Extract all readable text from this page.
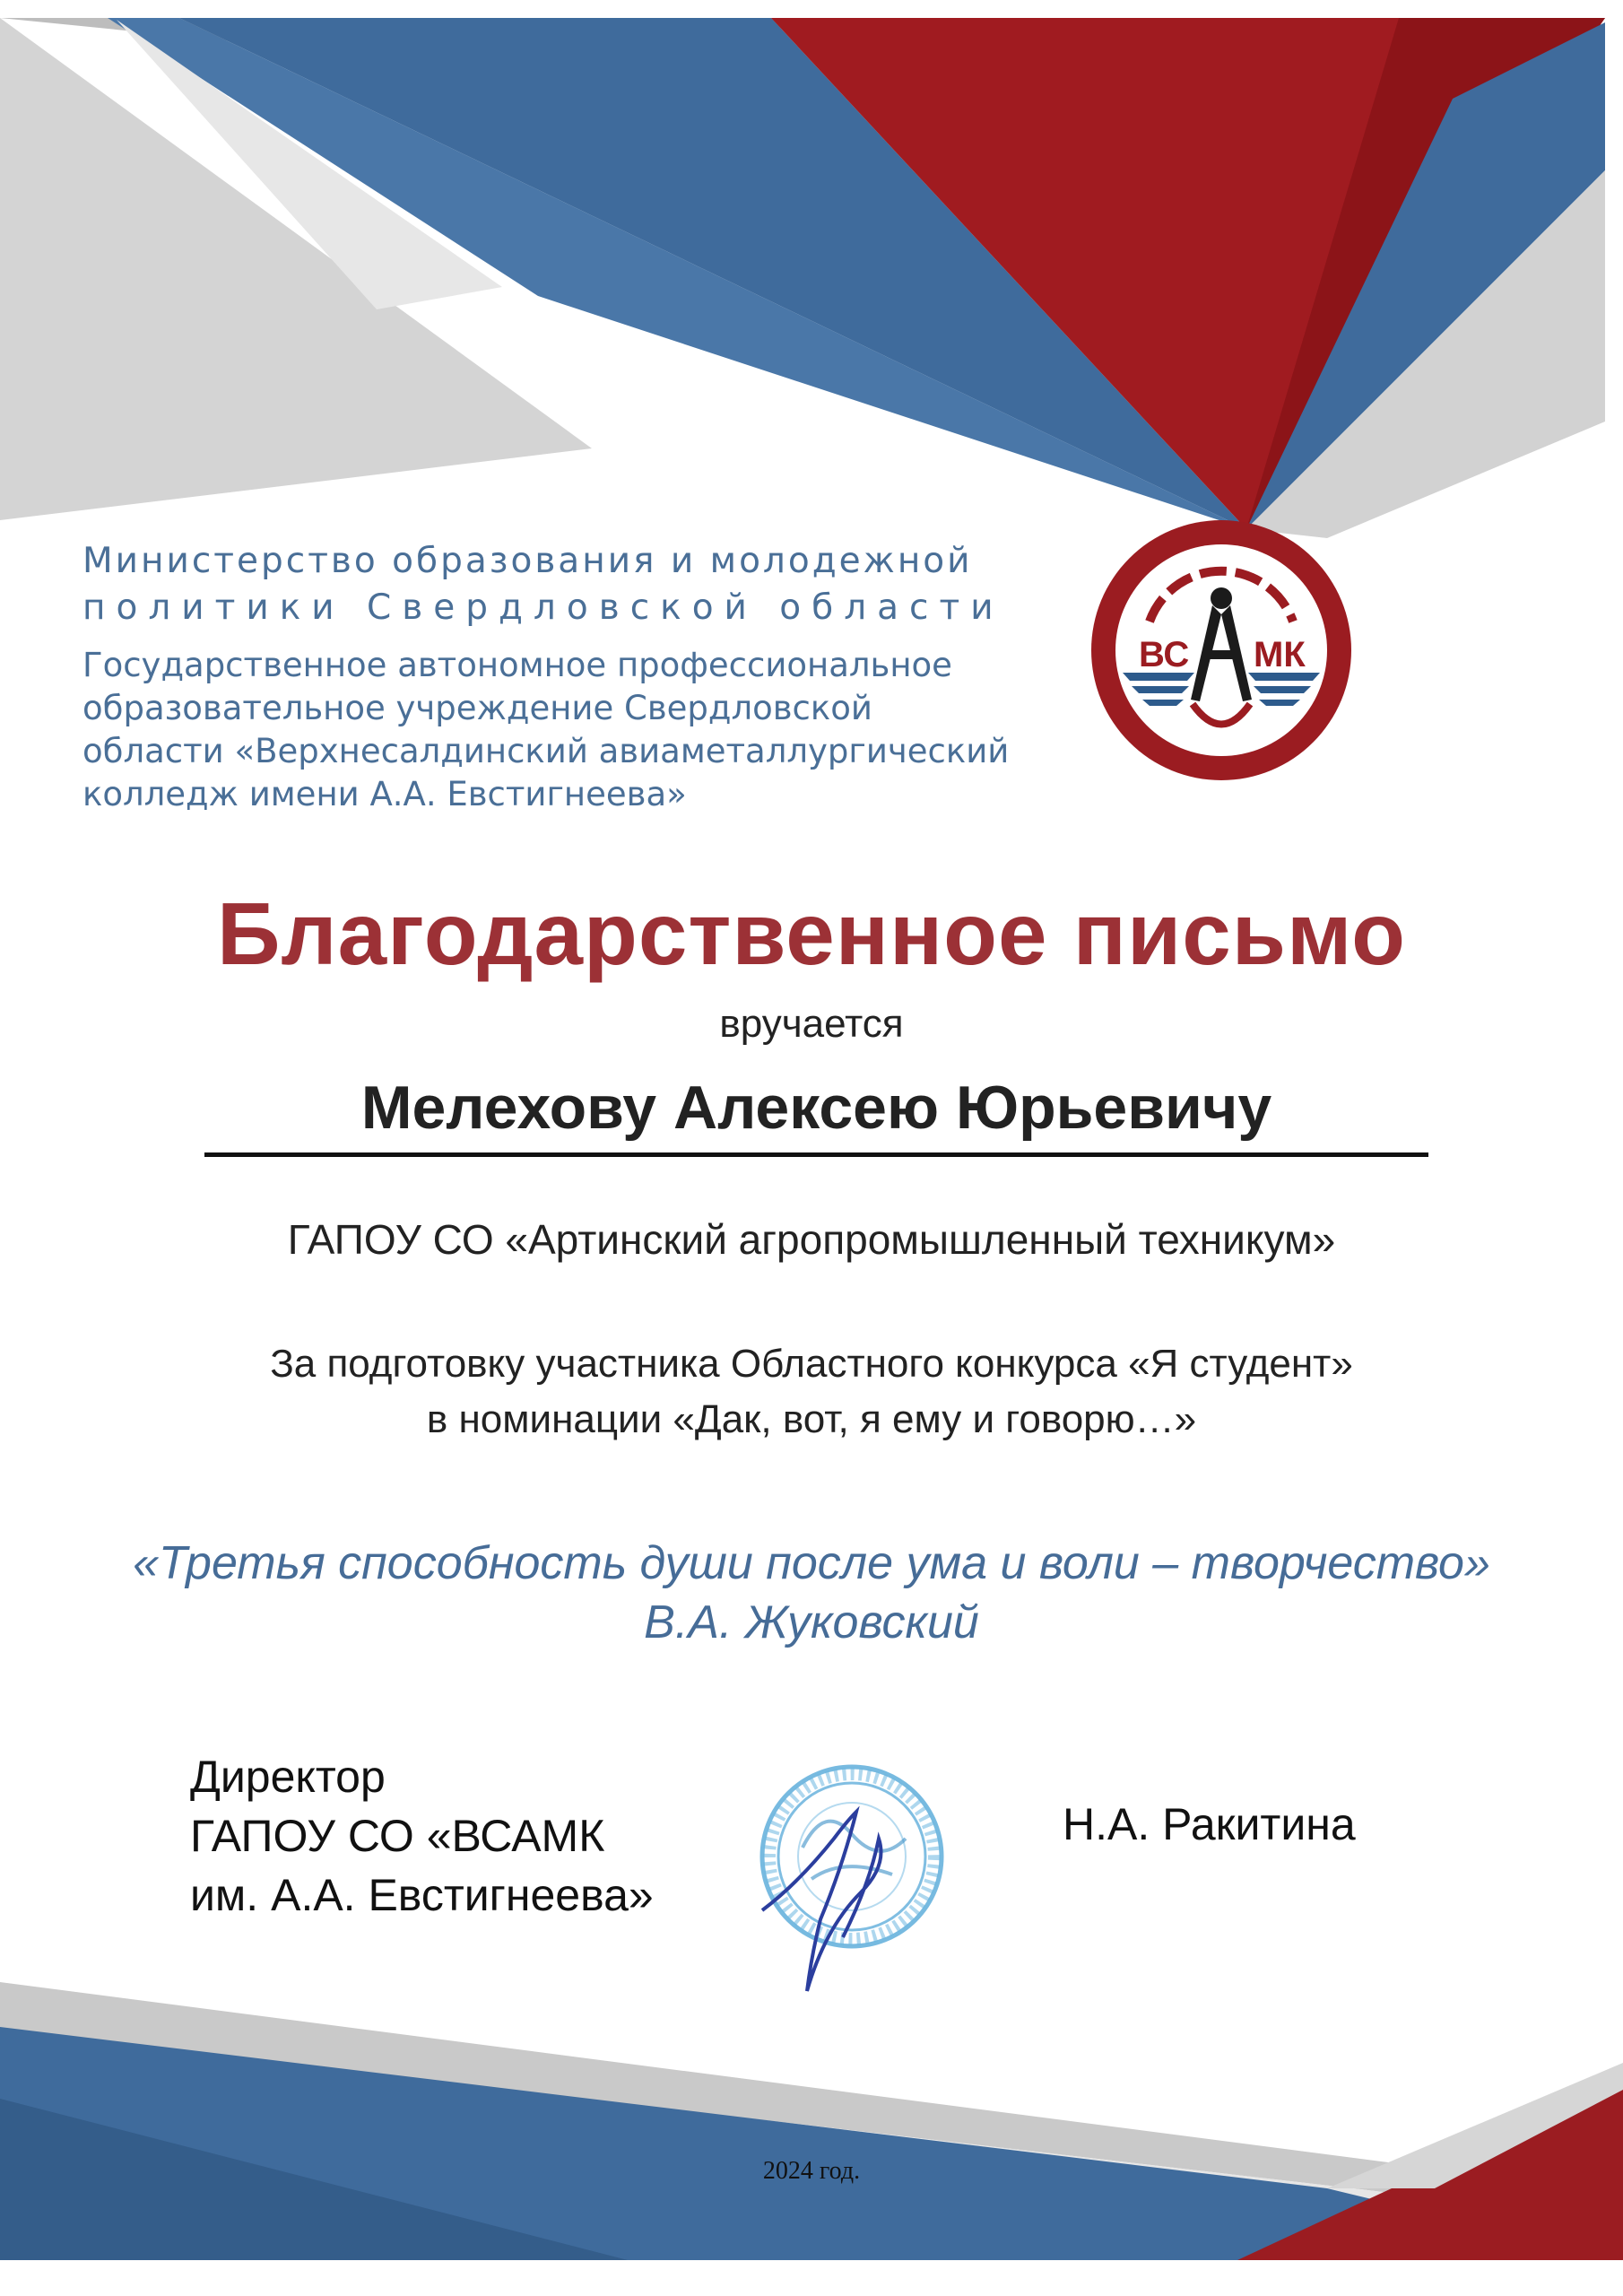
Министерство образования и молодежной
политики Свердловской области
Государственное автономное профессиональное
образовательное учреждение Свердловской
области «Верхнесалдинский авиаметаллургический
колледж имени А.А. Евстигнеева»
ВС МК
Благодарственное письмо
вручается
Мелехову Алексею Юрьевичу
ГАПОУ СО «Артинский агропромышленный техникум»
За подготовку участника Областного конкурса «Я студент»
в номинации «Дак, вот, я ему и говорю…»
«Третья способность души после ума и воли – творчество»
В.А. Жуковский
Директор
ГАПОУ СО «ВСАМК
им. А.А. Евстигнеева»
Н.А. Ракитина
2024 год.
